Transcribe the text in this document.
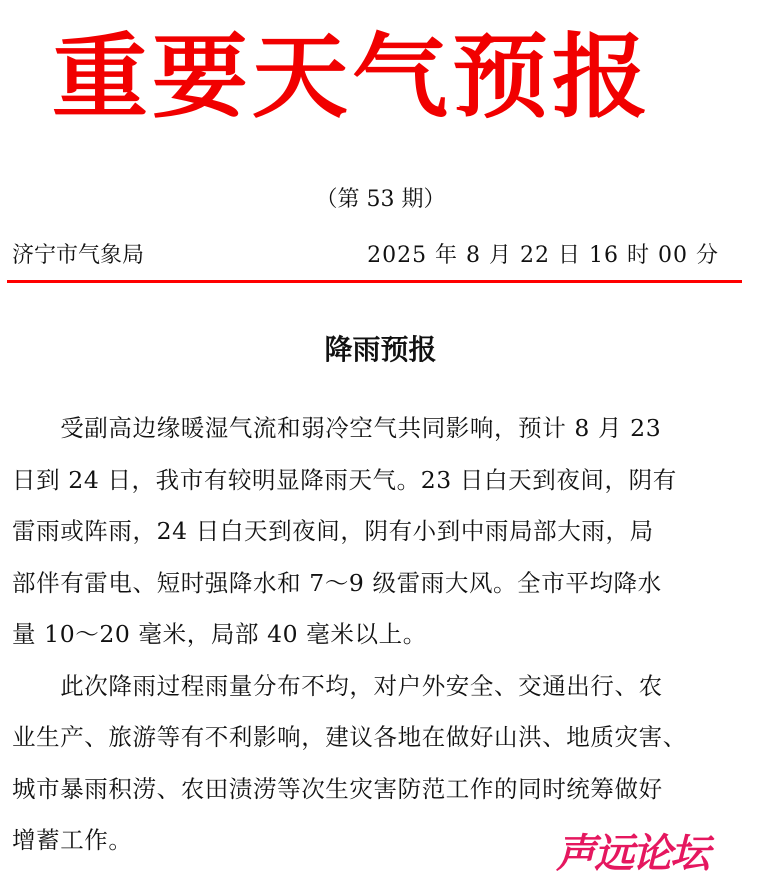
重要天气预报
（第 53 期）
济宁市气象局	2025 年 8 月 22 日 16 时 00 分
降雨预报
　　受副高边缘暖湿气流和弱冷空气共同影响，预计 8 月 23
日到 24 日，我市有较明显降雨天气。23 日白天到夜间，阴有
雷雨或阵雨，24 日白天到夜间，阴有小到中雨局部大雨，局
部伴有雷电、短时强降水和 7～9 级雷雨大风。全市平均降水
量 10～20 毫米，局部 40 毫米以上。
　　此次降雨过程雨量分布不均，对户外安全、交通出行、农
业生产、旅游等有不利影响，建议各地在做好山洪、地质灾害、
城市暴雨积涝、农田渍涝等次生灾害防范工作的同时统筹做好
增蓄工作。	声远论坛
